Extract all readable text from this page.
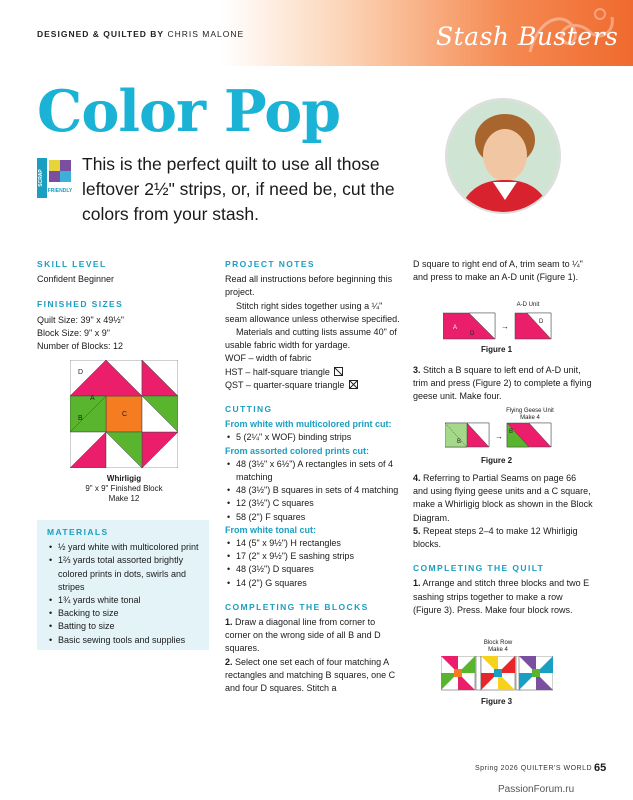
DESIGNED & QUILTED BY CHRIS MALONE	Stash Busters
Color Pop
SCRAP
FRIENDLY
This is the perfect quilt to use all those leftover 2½" strips, or, if need be, cut the colors from your stash.
SKILL LEVEL
Confident Beginner
FINISHED SIZES
Quilt Size: 39" x 49½"
Block Size: 9" x 9"
Number of Blocks: 12
D
A
B
C
Whirligig
9" x 9" Finished Block
Make 12
MATERIALS
• ½ yard white with multicolored print
• 1⅔ yards total assorted brightly colored prints in dots, swirls and stripes
• 1¾ yards white tonal
• Backing to size
• Batting to size
• Basic sewing tools and supplies
PROJECT NOTES
Read all instructions before beginning this project.
Stitch right sides together using a ¼" seam allowance unless otherwise specified.
Materials and cutting lists assume 40" of usable fabric width for yardage.
WOF – width of fabric
HST – half-square triangle
QST – quarter-square triangle
CUTTING
From white with multicolored print cut:
• 5 (2¼" x WOF) binding strips
From assorted colored prints cut:
• 48 (3½" x 6½") A rectangles in sets of 4 matching
• 48 (3½") B squares in sets of 4 matching
• 12 (3½") C squares
• 58 (2") F squares
From white tonal cut:
• 14 (5" x 9½") H rectangles
• 17 (2" x 9½") E sashing strips
• 48 (3½") D squares
• 14 (2") G squares
COMPLETING THE BLOCKS
1. Draw a diagonal line from corner to corner on the wrong side of all B and D squares.
2. Select one set each of four matching A rectangles and matching B squares, one C and four D squares. Stitch a
D square to right end of A, trim seam to ¼" and press to make an A-D unit (Figure 1).
A-D Unit
A
D
→	D
Figure 1
3. Stitch a B square to left end of A-D unit, trim and press (Figure 2) to complete a flying geese unit. Make four.
Flying Geese Unit
Make 4
B
→ B
Figure 2
4. Referring to Partial Seams on page 66 and using flying geese units and a C square, make a Whirligig block as shown in the Block Diagram.
5. Repeat steps 2–4 to make 12 Whirligig blocks.
COMPLETING THE QUILT
1. Arrange and stitch three blocks and two E sashing strips together to make a row (Figure 3). Press. Make four block rows.
Block Row
Make 4
Figure 3
Spring 2026 QUILTER'S WORLD 65
PassionForum.ru
